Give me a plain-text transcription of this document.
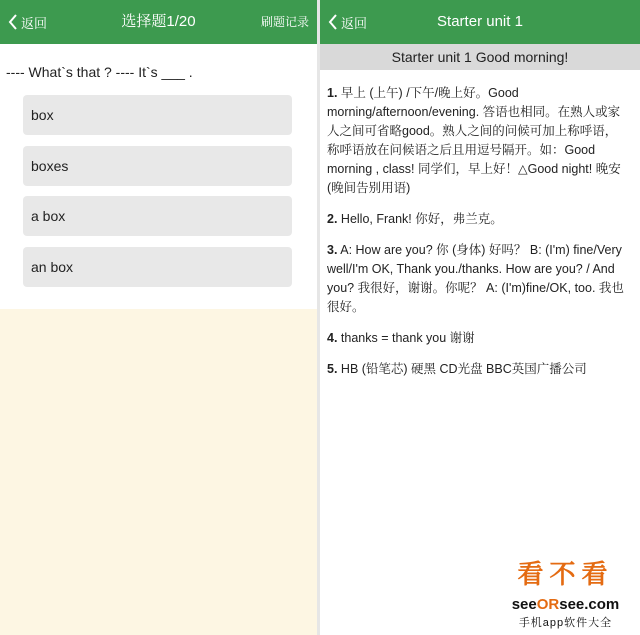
返回	选择题1/20	刷题记录
---- What`s that ? ---- It`s ___ .
box
boxes
a box
an box
返回	Starter unit 1
Starter unit 1 Good morning!

1. 早上 (上午) /下午/晚上好。Good morning/afternoon/evening. 答语也相同。在熟人或家人之间可省略good。熟人之间的问候可加上称呼语，称呼语放在问候语之后且用逗号隔开。如：Good morning , class! 同学们，早上好！△Good night! 晚安 (晚间告别用语)

2. Hello, Frank! 你好，弗兰克。

3. A: How are you? 你 (身体) 好吗？ B: (I'm) fine/Very well/I'm OK, Thank you./thanks. How are you? / And you? 我很好，谢谢。你呢？ A: (I'm)fine/OK, too. 我也很好。

4. thanks = thank you 谢谢

5. HB (铅笔芯) 硬黑 CD光盘 BBC英国广播公司

看不看
seeORsee.com
手机app软件大全
